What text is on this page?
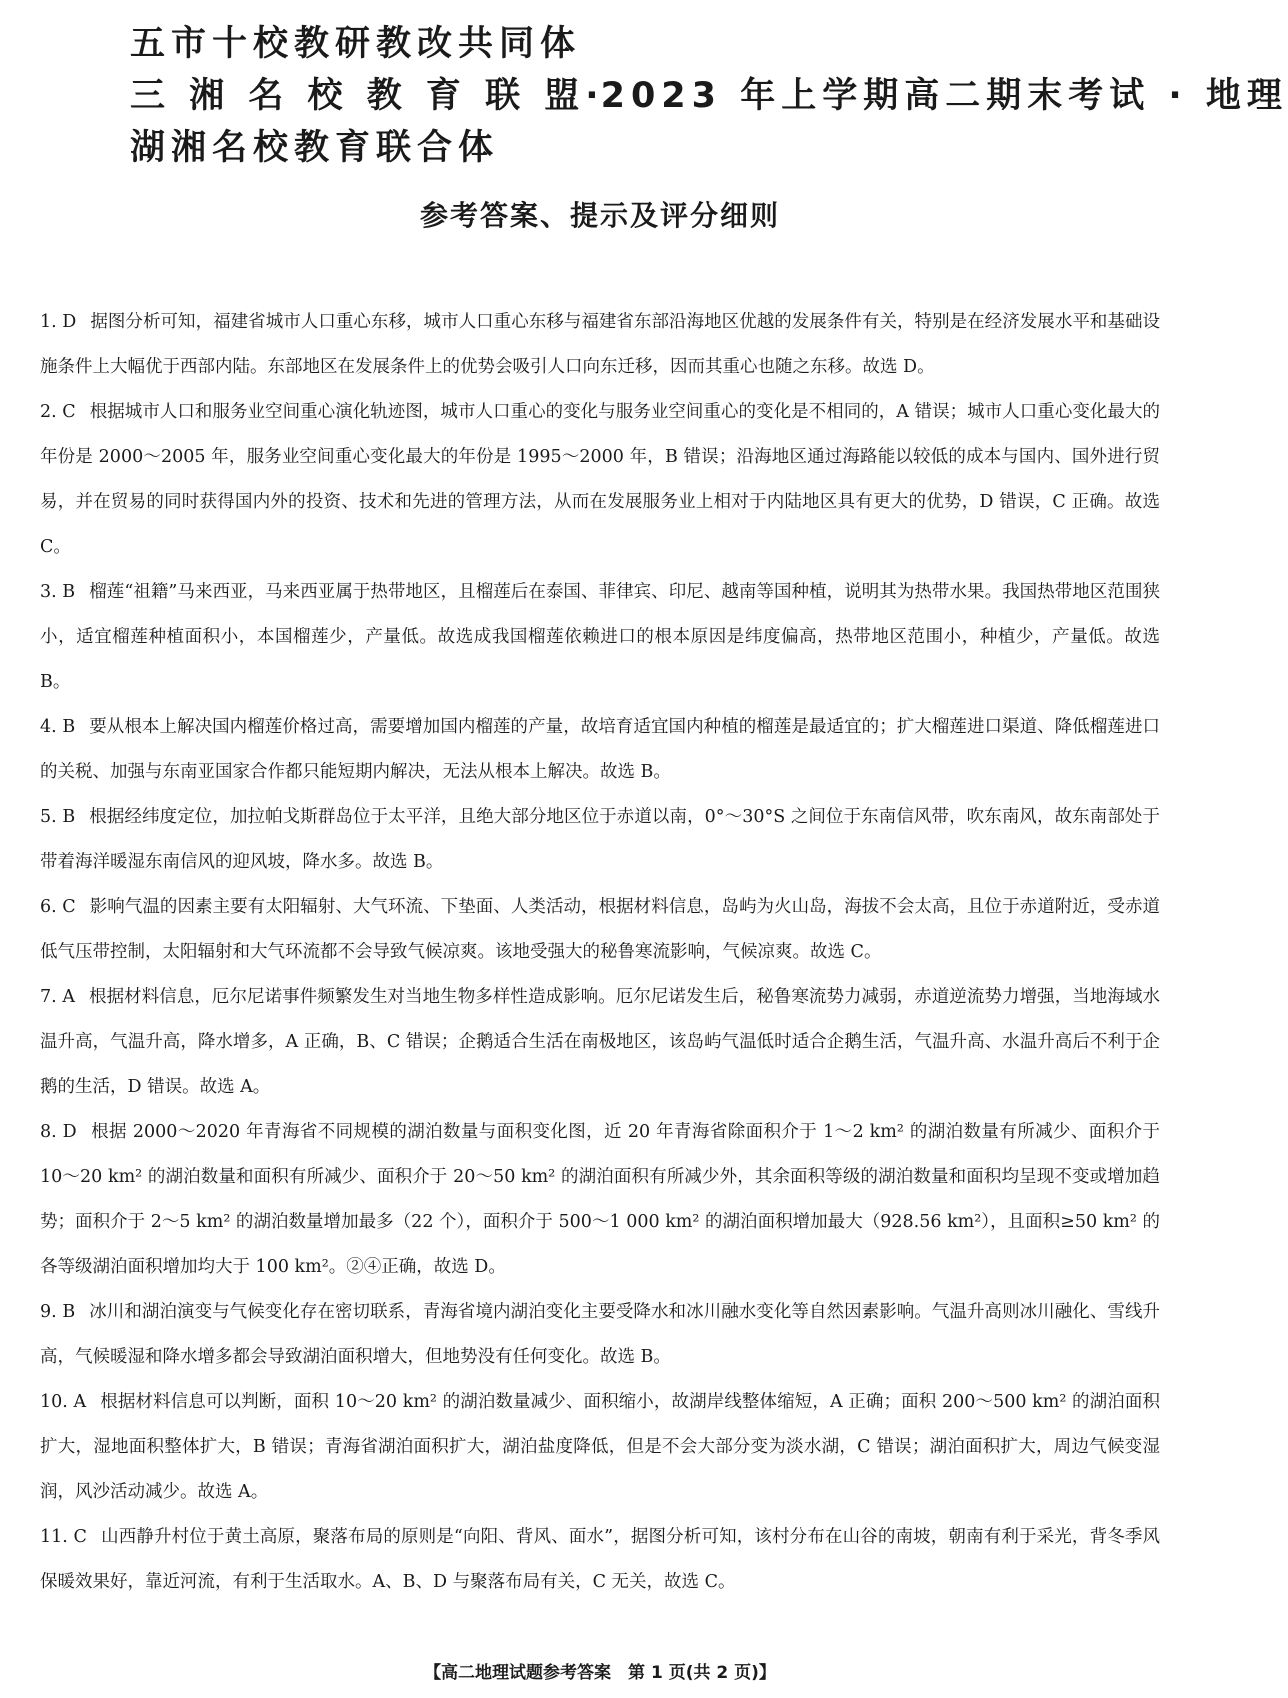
五市十校教研教改共同体
三 湘 名 校 教 育 联 盟·2023 年上学期高二期末考试 · 地理
湖湘名校教育联合体
参考答案、提示及评分细则

1. D 据图分析可知，福建省城市人口重心东移，城市人口重心东移与福建省东部沿海地区优越的发展条件有关，特别是在经济发展水平和基础设施条件上大幅优于西部内陆。东部地区在发展条件上的优势会吸引人口向东迁移，因而其重心也随之东移。故选 D。

2. C 根据城市人口和服务业空间重心演化轨迹图，城市人口重心的变化与服务业空间重心的变化是不相同的，A 错误；城市人口重心变化最大的年份是 2000～2005 年，服务业空间重心变化最大的年份是 1995～2000 年，B 错误；沿海地区通过海路能以较低的成本与国内、国外进行贸易，并在贸易的同时获得国内外的投资、技术和先进的管理方法，从而在发展服务业上相对于内陆地区具有更大的优势，D 错误，C 正确。故选 C。

3. B 榴莲“祖籍”马来西亚，马来西亚属于热带地区，且榴莲后在泰国、菲律宾、印尼、越南等国种植，说明其为热带水果。我国热带地区范围狭小，适宜榴莲种植面积小，本国榴莲少，产量低。故选成我国榴莲依赖进口的根本原因是纬度偏高，热带地区范围小，种植少，产量低。故选 B。

4. B 要从根本上解决国内榴莲价格过高，需要增加国内榴莲的产量，故培育适宜国内种植的榴莲是最适宜的；扩大榴莲进口渠道、降低榴莲进口的关税、加强与东南亚国家合作都只能短期内解决，无法从根本上解决。故选 B。

5. B 根据经纬度定位，加拉帕戈斯群岛位于太平洋，且绝大部分地区位于赤道以南，0°～30°S 之间位于东南信风带，吹东南风，故东南部处于带着海洋暖湿东南信风的迎风坡，降水多。故选 B。

6. C 影响气温的因素主要有太阳辐射、大气环流、下垫面、人类活动，根据材料信息，岛屿为火山岛，海拔不会太高，且位于赤道附近，受赤道低气压带控制，太阳辐射和大气环流都不会导致气候凉爽。该地受强大的秘鲁寒流影响，气候凉爽。故选 C。

7. A 根据材料信息，厄尔尼诺事件频繁发生对当地生物多样性造成影响。厄尔尼诺发生后，秘鲁寒流势力减弱，赤道逆流势力增强，当地海域水温升高，气温升高，降水增多，A 正确，B、C 错误；企鹅适合生活在南极地区，该岛屿气温低时适合企鹅生活，气温升高、水温升高后不利于企鹅的生活，D 错误。故选 A。

8. D 根据 2000～2020 年青海省不同规模的湖泊数量与面积变化图，近 20 年青海省除面积介于 1～2 km² 的湖泊数量有所减少、面积介于 10～20 km² 的湖泊数量和面积有所减少、面积介于 20～50 km² 的湖泊面积有所减少外，其余面积等级的湖泊数量和面积均呈现不变或增加趋势；面积介于 2～5 km² 的湖泊数量增加最多（22 个），面积介于 500～1 000 km² 的湖泊面积增加最大（928.56 km²），且面积≥50 km² 的各等级湖泊面积增加均大于 100 km²。②④正确，故选 D。

9. B 冰川和湖泊演变与气候变化存在密切联系，青海省境内湖泊变化主要受降水和冰川融水变化等自然因素影响。气温升高则冰川融化、雪线升高，气候暖湿和降水增多都会导致湖泊面积增大，但地势没有任何变化。故选 B。

10. A 根据材料信息可以判断，面积 10～20 km² 的湖泊数量减少、面积缩小，故湖岸线整体缩短，A 正确；面积 200～500 km² 的湖泊面积扩大，湿地面积整体扩大，B 错误；青海省湖泊面积扩大，湖泊盐度降低，但是不会大部分变为淡水湖，C 错误；湖泊面积扩大，周边气候变湿润，风沙活动减少。故选 A。

11. C 山西静升村位于黄土高原，聚落布局的原则是“向阳、背风、面水”，据图分析可知，该村分布在山谷的南坡，朝南有利于采光，背冬季风保暖效果好，靠近河流，有利于生活取水。A、B、D 与聚落布局有关，C 无关，故选 C。

【高二地理试题参考答案　第 1 页(共 2 页)】
